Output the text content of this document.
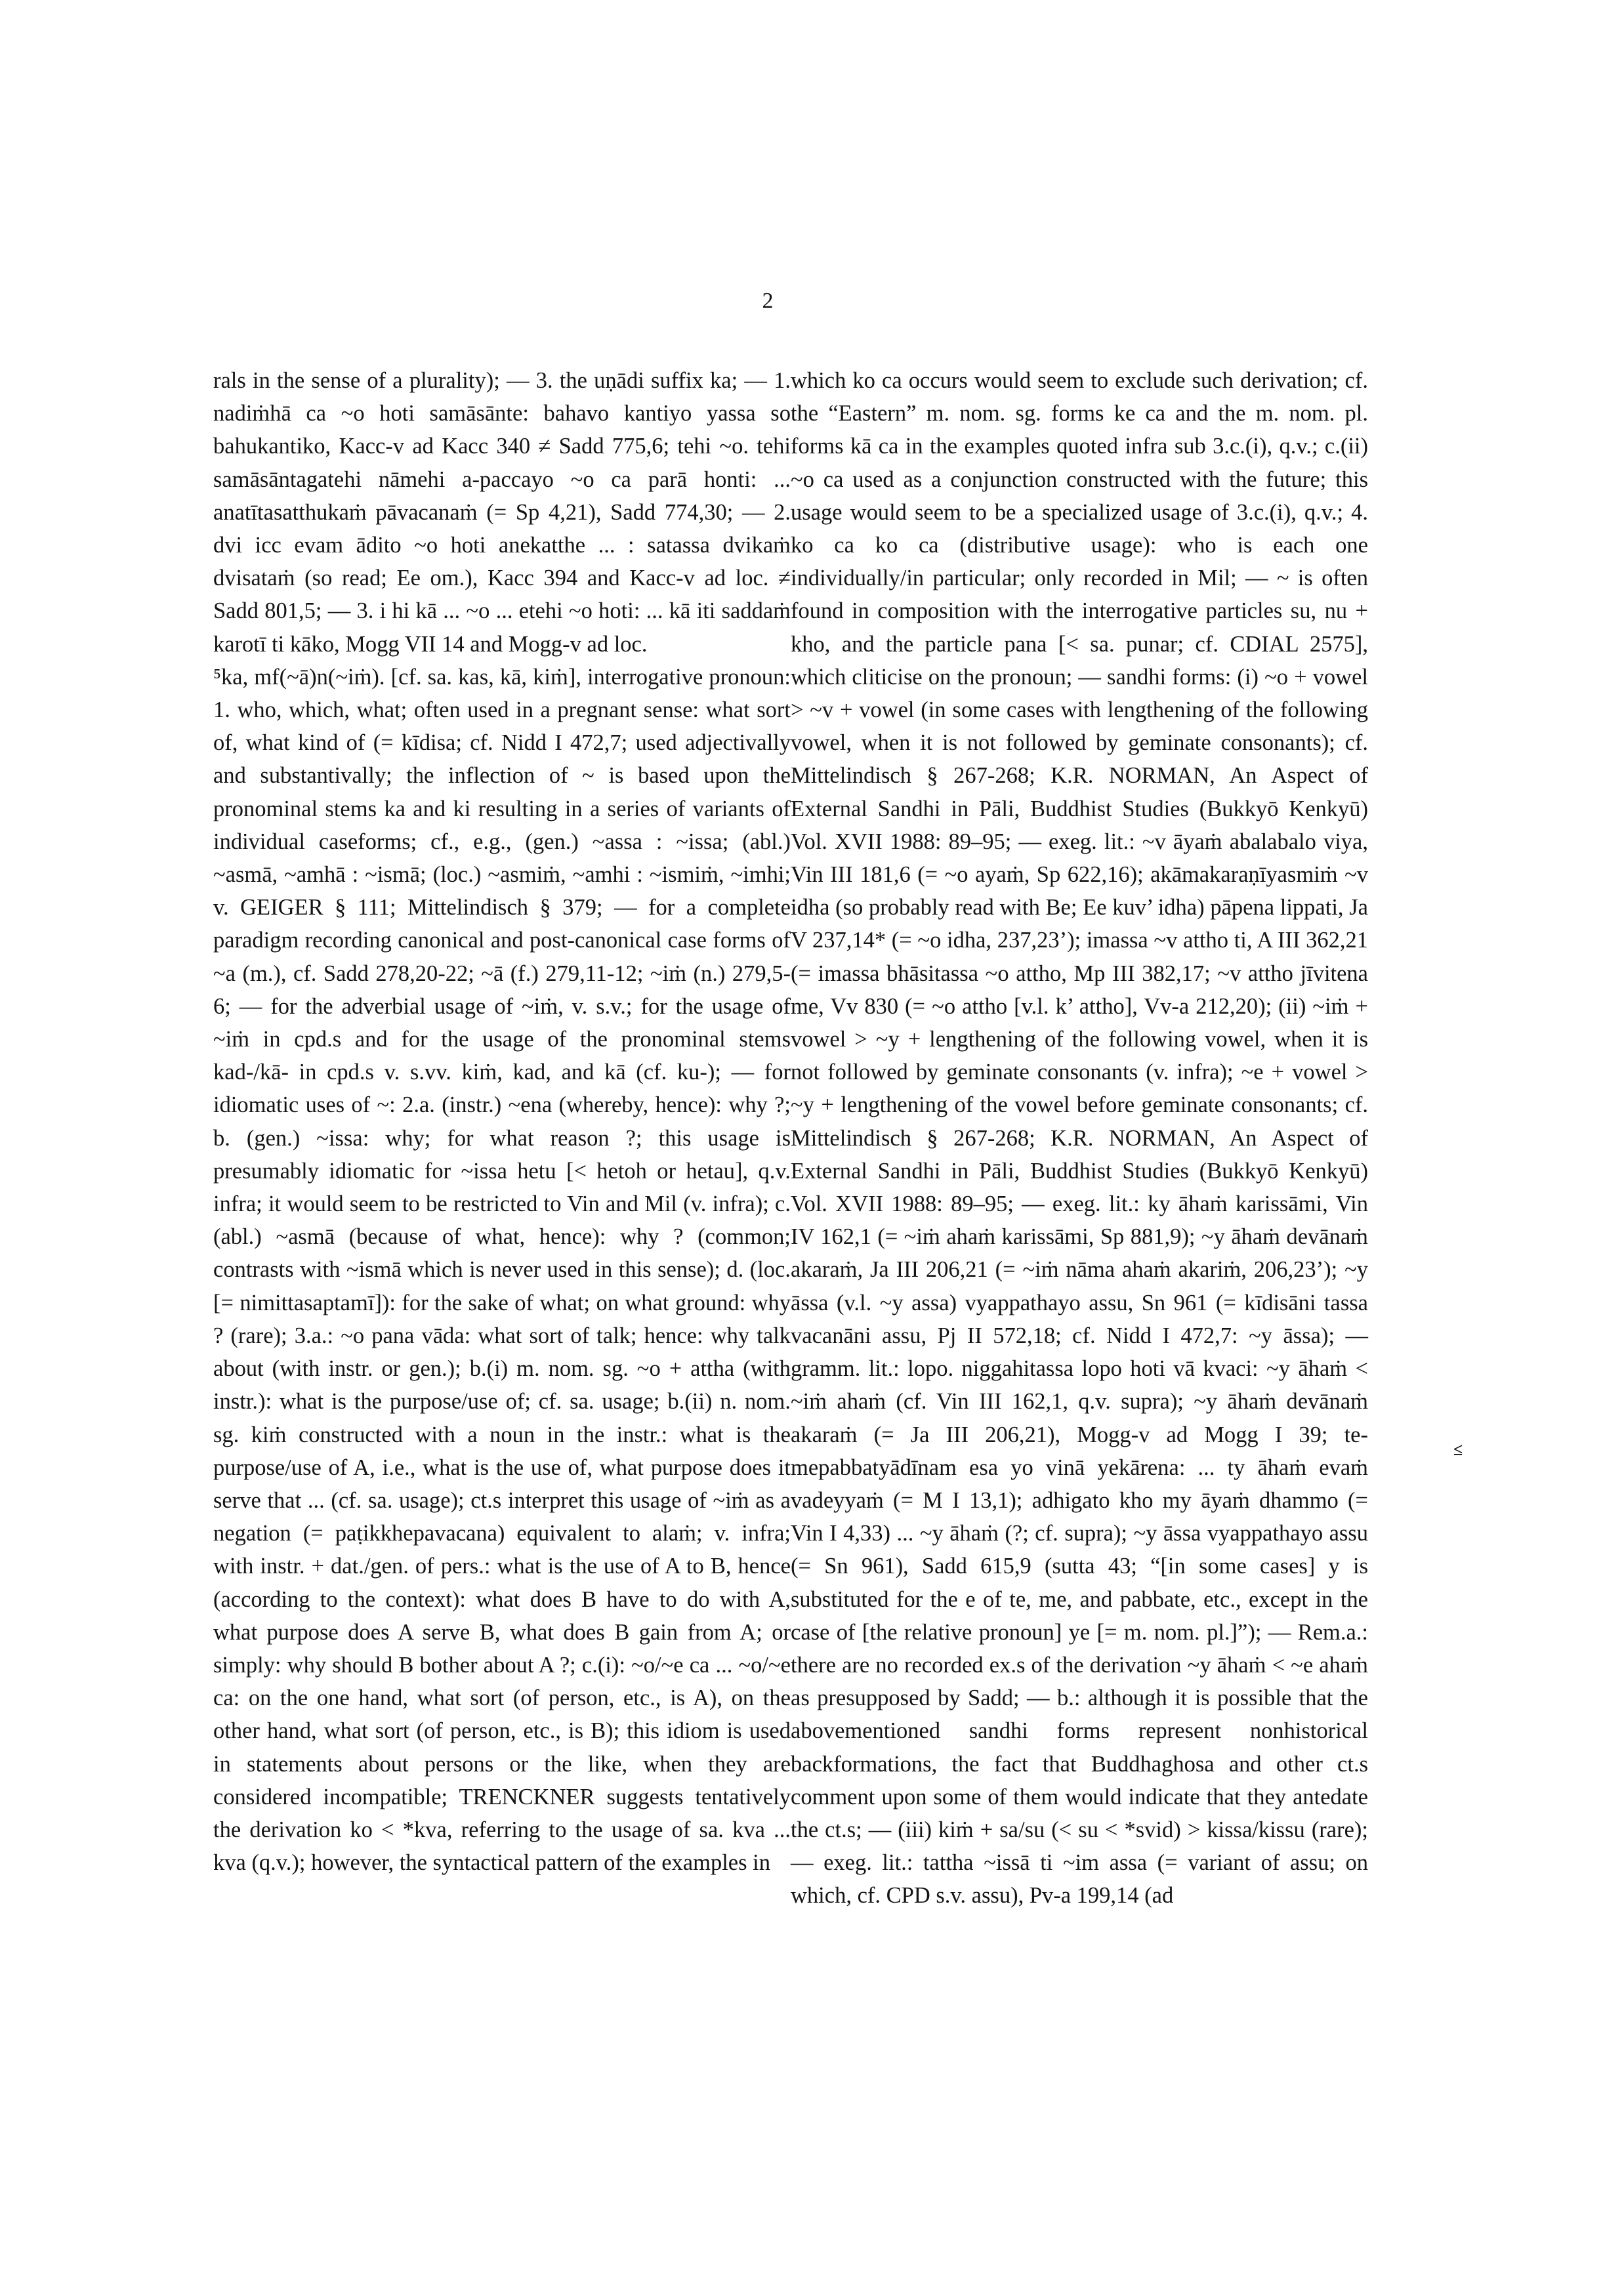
2

rals in the sense of a plurality); — 3. the uṇādi suffix ka; — 1. nadiṁhā ca ~o hoti samāsānte: bahavo kantiyo yassa so bahukantiko, Kacc-v ad Kacc 340 ≠ Sadd 775,6; tehi ~o. tehi samāsāntagatehi nāmehi a-paccayo ~o ca parā honti: ... anatītasatthukaṁ pāvacanaṁ (= Sp 4,21), Sadd 774,30; — 2. dvi icc evam ādito ~o hoti anekatthe ... : satassa dvikaṁ dvisataṁ (so read; Ee om.), Kacc 394 and Kacc-v ad loc. ≠ Sadd 801,5; — 3. i hi kā ... ~o ... etehi ~o hoti: ... kā iti saddaṁ karotī ti kāko, Mogg VII 14 and Mogg-v ad loc.

⁵ka, mf(~ā)n(~iṁ). [cf. sa. kas, kā, kiṁ], interrogative pronoun: 1. who, which, what; often used in a pregnant sense: what sort of, what kind of (= kīdisa; cf. Nidd I 472,7; used adjectivally and substantivally; the inflection of ~ is based upon the pronominal stems ka and ki resulting in a series of variants of individual caseforms; cf., e.g., (gen.) ~assa : ~issa; (abl.) ~asmā, ~amhā : ~ismā; (loc.) ~asmiṁ, ~amhi : ~ismiṁ, ~imhi; v. GEIGER § 111; Mittelindisch § 379; — for a complete paradigm recording canonical and post-canonical case forms of ~a (m.), cf. Sadd 278,20-22; ~ā (f.) 279,11-12; ~iṁ (n.) 279,5-6; — for the adverbial usage of ~iṁ, v. s.v.; for the usage of ~iṁ in cpd.s and for the usage of the pronominal stems kad-/kā- in cpd.s v. s.vv. kiṁ, kad, and kā (cf. ku-); — for idiomatic uses of ~: 2.a. (instr.) ~ena (whereby, hence): why ?; b. (gen.) ~issa: why; for what reason ?; this usage is presumably idiomatic for ~issa hetu [< hetoh or hetau], q.v. infra; it would seem to be restricted to Vin and Mil (v. infra); c. (abl.) ~asmā (because of what, hence): why ? (common; contrasts with ~ismā which is never used in this sense); d. (loc. [= nimittasaptamī]): for the sake of what; on what ground: why ? (rare); 3.a.: ~o pana vāda: what sort of talk; hence: why talk about (with instr. or gen.); b.(i) m. nom. sg. ~o + attha (with instr.): what is the purpose/use of; cf. sa. usage; b.(ii) n. nom. sg. kiṁ constructed with a noun in the instr.: what is the purpose/use of A, i.e., what is the use of, what purpose does it serve that ... (cf. sa. usage); ct.s interpret this usage of ~iṁ as a negation (= paṭikkhepavacana) equivalent to alaṁ; v. infra; with instr. + dat./gen. of pers.: what is the use of A to B, hence (according to the context): what does B have to do with A, what purpose does A serve B, what does B gain from A; or simply: why should B bother about A ?; c.(i): ~o/~e ca ... ~o/~e ca: on the one hand, what sort (of person, etc., is A), on the other hand, what sort (of person, etc., is B); this idiom is used in statements about persons or the like, when they are considered incompatible; TRENCKNER suggests tentatively the derivation ko < *kva, referring to the usage of sa. kva ... kva (q.v.); however, the syntactical pattern of the examples in

which ko ca occurs would seem to exclude such derivation; cf. the “Eastern” m. nom. sg. forms ke ca and the m. nom. pl. forms kā ca in the examples quoted infra sub 3.c.(i), q.v.; c.(ii) ~o ca used as a conjunction constructed with the future; this usage would seem to be a specialized usage of 3.c.(i), q.v.; 4. ko ca ko ca (distributive usage): who is each one individually/in particular; only recorded in Mil; — ~ is often found in composition with the interrogative particles su, nu + kho, and the particle pana [< sa. punar; cf. CDIAL 2575], which cliticise on the pronoun; — sandhi forms: (i) ~o + vowel > ~v + vowel (in some cases with lengthening of the following vowel, when it is not followed by geminate consonants); cf. Mittelindisch § 267-268; K.R. NORMAN, An Aspect of External Sandhi in Pāli, Buddhist Studies (Bukkyō Kenkyū) Vol. XVII 1988: 89–95; — exeg. lit.: ~v āyaṁ abalabalo viya, Vin III 181,6 (= ~o ayaṁ, Sp 622,16); akāmakaraṇīyasmiṁ ~v idha (so probably read with Be; Ee kuv’ idha) pāpena lippati, Ja V 237,14* (= ~o idha, 237,23’); imassa ~v attho ti, A III 362,21 (= imassa bhāsitassa ~o attho, Mp III 382,17; ~v attho jīvitena me, Vv 830 (= ~o attho [v.l. k’ attho], Vv-a 212,20); (ii) ~iṁ + vowel > ~y + lengthening of the following vowel, when it is not followed by geminate consonants (v. infra); ~e + vowel > ~y + lengthening of the vowel before geminate consonants; cf. Mittelindisch § 267-268; K.R. NORMAN, An Aspect of External Sandhi in Pāli, Buddhist Studies (Bukkyō Kenkyū) Vol. XVII 1988: 89–95; — exeg. lit.: ky āhaṁ karissāmi, Vin IV 162,1 (= ~iṁ ahaṁ karissāmi, Sp 881,9); ~y āhaṁ devānaṁ akaraṁ, Ja III 206,21 (= ~iṁ nāma ahaṁ akariṁ, 206,23’); ~y āssa (v.l. ~y assa) vyappathayo assu, Sn 961 (= kīdisāni tassa vacanāni assu, Pj II 572,18; cf. Nidd I 472,7: ~y āssa); — gramm. lit.: lopo. niggahitassa lopo hoti vā kvaci: ~y āhaṁ < ~iṁ ahaṁ (cf. Vin III 162,1, q.v. supra); ~y āhaṁ devānaṁ akaraṁ (= Ja III 206,21), Mogg-v ad Mogg I 39; te-mepabbatyādīnam esa yo vinā yekārena: ... ty āhaṁ evaṁ vadeyyaṁ (= M I 13,1); adhigato kho my āyaṁ dhammo (= Vin I 4,33) ... ~y āhaṁ (?; cf. supra); ~y āssa vyappathayo assu (= Sn 961), Sadd 615,9 (sutta 43; “[in some cases] y is substituted for the e of te, me, and pabbate, etc., except in the case of [the relative pronoun] ye [= m. nom. pl.]”); — Rem.a.: there are no recorded ex.s of the derivation ~y āhaṁ < ~e ahaṁ as presupposed by Sadd; — b.: although it is possible that the abovementioned sandhi forms represent nonhistorical backformations, the fact that Buddhaghosa and other ct.s comment upon some of them would indicate that they antedate the ct.s; — (iii) kiṁ + sa/su (< su < *svid) > kissa/kissu (rare); — exeg. lit.: tattha ~issā ti ~im assa (= variant of assu; on which, cf. CPD s.v. assu), Pv-a 199,14 (ad

≤
